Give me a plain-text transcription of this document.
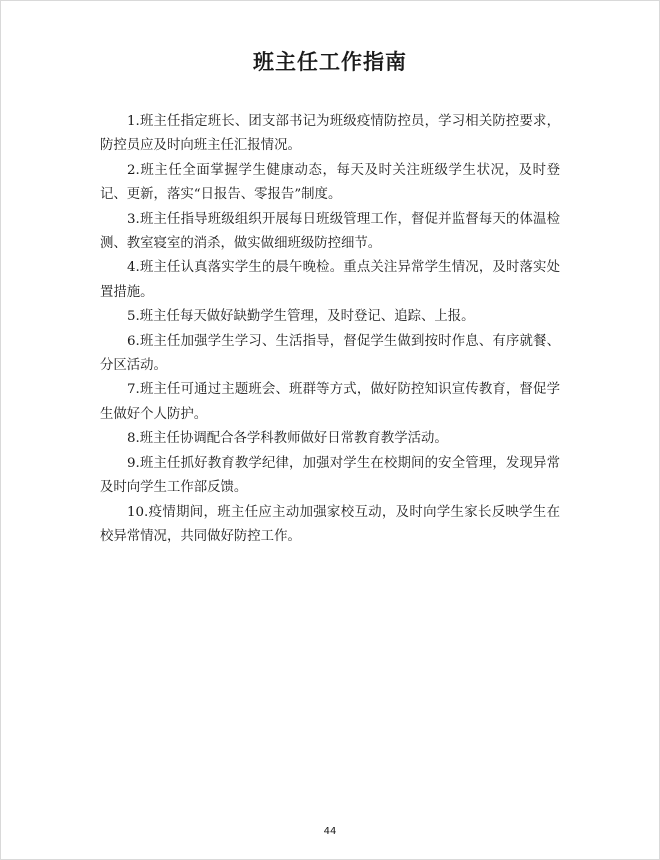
班主任工作指南

1.班主任指定班长、团支部书记为班级疫情防控员，学习相关防控要求，防控员应及时向班主任汇报情况。

2.班主任全面掌握学生健康动态，每天及时关注班级学生状况，及时登记、更新，落实“日报告、零报告”制度。

3.班主任指导班级组织开展每日班级管理工作，督促并监督每天的体温检测、教室寝室的消杀，做实做细班级防控细节。

4.班主任认真落实学生的晨午晚检。重点关注异常学生情况，及时落实处置措施。

5.班主任每天做好缺勤学生管理，及时登记、追踪、上报。

6.班主任加强学生学习、生活指导，督促学生做到按时作息、有序就餐、分区活动。

7.班主任可通过主题班会、班群等方式，做好防控知识宣传教育，督促学生做好个人防护。

8.班主任协调配合各学科教师做好日常教育教学活动。

9.班主任抓好教育教学纪律，加强对学生在校期间的安全管理，发现异常及时向学生工作部反馈。

10.疫情期间，班主任应主动加强家校互动，及时向学生家长反映学生在校异常情况，共同做好防控工作。

44
